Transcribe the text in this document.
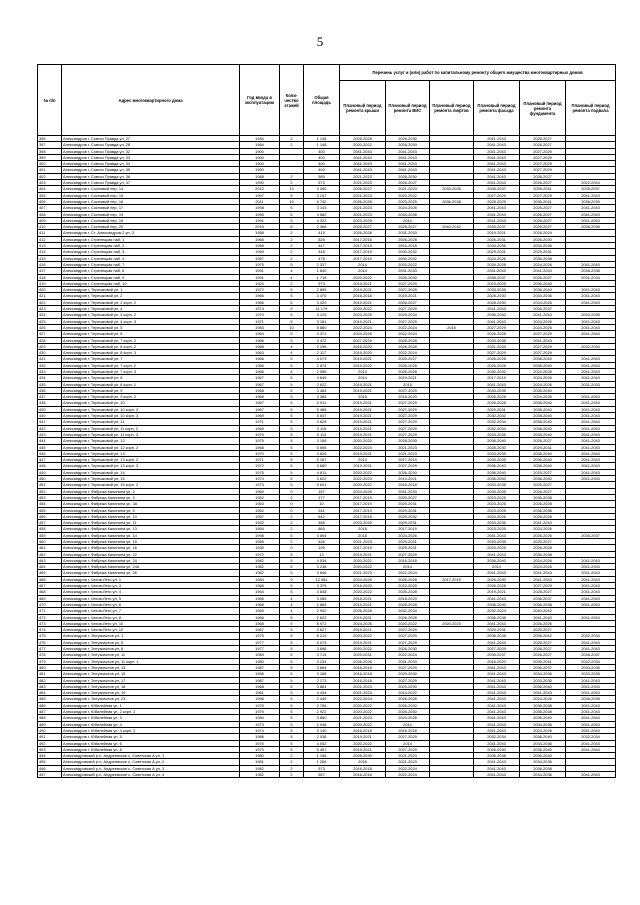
5
№ п/п	Адрес многоквартирного дома	Год ввода в эксплуатацию	Коли-чество этажей	Общая площадь	Перечень услуг и (или) работ по капитальному ремонту общего имущества многоквартирных домов					
					Плановый период ремонта крыши	Плановый период ремонта ВИС	Плановый период ремонта лифтов	Плановый период ремонта фасада	Плановый период ремонта фундамента	Плановый период ремонта подвала
396	Александров г, Совхоз Правда ул, 27	1984	2	1 148	2026-2028	2026-2030		2041-2043	2026-2027	
397	Александров г, Совхоз Правда ул, 28	1984	2	1 148	2020-2022	2026-2030		2041-2043	2026-2027	
398	Александров г, Совхоз Правда ул, 32	1900		400	2041-2043	2041-2043		2041-2043	2027-2029	
399	Александров г, Совхоз Правда ул, 33	1900		400	2041-2043	2041-2043		2041-2043	2027-2029	
400	Александров г, Совхоз Правда ул, 34	1900		400	2041-2043	2041-2043		2041-2043	2027-2029	
401	Александров г, Совхоз Правда ул, 35	1900		400	2041-2043	2041-2043		2041-2043	2027-2029	
402	Александров г, Совхоз Правда ул, 36	1988	2	585	2021-2023	2026-2030		2041-2043	2026-2027	
403	Александров г, Совхоз Правда ул, 37	1990	2	573	2021-2023	2026-2027		2041-2043	2026-2027	2022-2024
404	Александров г, Сосновый пер, 14	2012	13	3 260	2026-2027	2021-2023	2033-2035	2035-2037	2039-2041	2035-2037
405	Александров г, Сосновый пер, 15	1997	5	3 247	2021-2023	2020-2022		2027-2029	2027-2029	2041-2043
406	Александров г, Сосновый пер, 16	2011	10	6 742	2026-2028	2023-2025	2036-2038	2028-2029	2036-2041	2036-2039
407	Александров г, Сосновый пер, 17	1998	5	3 143	2021-2023	2024-2026		2041-2043	2026-2027	2041-2043
408	Александров г, Сосновый пер, 19	1995	5	4 582	2021-2023	2034-2036		2041-2043	2026-2027	2041-2043
409	Александров г, Сосновый пер, 19	1991	5	4 322	2023-2025	2014		2041-2043	2026-2027	2041-2043
410	Александров г, Сосновый пер, 20	2015	6	2 368	2026-2027	2025-2027	2040-2042	2035-2037	2025-2027	2036-2038
411	Александров г, Ст. Александров-2 ул, 3	1958	2	415	2026-2028	2031-2033		2019-2021	2026-2024	
412	Александров г, Стрелецкая наб, 1	1966	2	826	2017-2018	2026-2028		2026-2031	2026-2030	
413	Александров г, Стрелецкая наб, 2	1958	2	447	2017-2019	2016-2018		2034-2036	2034-2036	
414	Александров г, Стрелецкая наб, 3	1959	2	448	2017-2019	2030-2032		2029-2031	2029-2031	
415	Александров г, Стрелецкая наб, 4	1957	2	478	2017-2019	2030-2032		2024-2026	2036-2038	
416	Александров г, Стрелецкая наб, 7	1975	5	2 337	2014	2020-2022		2026-2028	2024-2026	2041-2043
417	Александров г, Стрелецкая наб, 8	1991	4	1 640	2014	2031-2033		2041-2043	2041-2043	2036-2038
418	Александров г, Стрелецкая наб, 9	1991	4	1 718	2020-2022	2026-2030		2038-2037	2026-2027	2031-2033
419	Александров г, Стрелецкая наб, 10	1920	2	973	2019-2021	2027-2029		2023-2025	2036-2040	
420	Александров г, Терешковой ул, 1	1972	5	2 895	2019-2021	2027-2028		2033-2035	2036-2040	2041-2043
421	Александров г, Терешковой ул, 2	1966	5	3 470	2016-2018	2019-2021		2028-2030	2034-2036	2041-2043
422	Александров г, Терешковой ул, 2 корп. 2	1966	5	3 420	2019-2021	2026-2027		2028-2030	2024-2026	2041-2043
423	Александров г, Терешковой ул, 4	1974	9	11 179	2020-2022	2027-2029		2041-2043	2035-2037	
424	Александров г, Терешковой ул, 4 корп. 2	1970	5	3 129	2023-2025	2029-2034		2036-2040	2041-2043	2033-2035
425	Александров г, Терешковой ул, 4 корп. 3	1971	5	3 181	2019-2021	2027-2029		2041-2043	2024-2026	2041-2043
426	Александров г, Терешковой ул, 5	1983	10	5 880	2022-2024	2022-2024	2015	2027-2029	2024-2026	2041-2043
427	Александров г, Терешковой ул, 6	1964	5	3 371	2024-2026	2022-2024		2026-2028	2027-2029	2041-2043
428	Александров г, Терешковой ул, 7 корп. 2	1966	5	3 472	2027-2029	2026-2028		2033-2035	2041-2043	
429	Александров г, Терешковой ул, 8 корп. 2	1968	4	2 198	2016-2020	2026-2028		2031-2033	2027-2029	2032-2034
430	Александров г, Терешковой ул, 8 корп. 3	1963	4	2 117	2019-2020	2022-2024		2027-2029	2027-2029	
431	Александров г, Терешковой ул, 7	1966	5	4 073	2019-2021	2025-2027		2026-2028	2038-2040	2041-2043
432	Александров г, Терешковой ул, 7 корп. 2	1966	5	2 874	2019-2022	2026-2028		2026-2028	2038-2040	2041-2043
433	Александров г, Терешковой ул, 7 корп. 3	1966	4	2 056	2014	2026-2028		2030-2032	2024-2026	2041-2043
434	Александров г, Терешковой ул, 8	1967	5	4 649	2014	2019-2021		2017-2019	2024-2026	2041-2043
435	Александров г, Терешковой ул, 8 корп. 1	1967	5	2 622	2019-2021	2015		2041-2043	2024-2026	2031-2033
436	Александров г, Терешковой ул, 9	1968	5	3 484	2019-2021	2027-2029		2033-2035	2035-2040	
437	Александров г, Терешковой ул, 9 корп. 2	1968	5	3 365	2015	2018-2020		2026-2028	2024-2026	2041-2043
438	Александров г, Терешковой ул, 10	1967	5	2 911	2019-2021	2027-2029		2026-2028	2038-2040	2041-2043
439	Александров г, Терешковой ул, 10 корп. 3	1967	5	5 485	2019-2021	2027-2029		2029-2031	2038-2040	2041-2043
440	Александров г, Терешковой ул, 10 корп. 3	1969	5	5 647	2019-2021	2027-2029		2030-2032	2038-2040	2041-2043
441	Александров г, Терешковой ул, 11	1971	5	3 628	2019-2021	2027-2029		2032-2034	2038-2040	2041-2043
442	Александров г, Терешковой ул, 11 корп. 2	1969	5	3 119	2019-2021	2027-2029		2032-2034	2038-2040	2041-2043
443	Александров г, Терешковой ул, 11 корп. 3	1975	5	3 113	2019-2021	2027-2029		2033-2035	2038-2040	2041-2043
444	Александров г, Терешковой ул, 12	1975	5	3 158	2020-2022	2028-2030		2036-2040	2026-2027	2041-2043
445	Александров г, Терешковой ул, 12 корп. 2	1968	5	5 698	2022-2024	2021-2023		2028-2030	2029-2031	2041-2043
446	Александров г, Терешковой ул, 13	1970	5	3 626	2019-2021	2021-2023		2033-2035	2038-2040	2041-2043
447	Александров г, Терешковой ул, 13 корп. 2	1971	5	5 187	2014	2017-2019		2033-2035	2036-2040	2041-2043
448	Александров г, Терешковой ул, 13 корп. 3	1972	5	3 680	2019-2021	2027-2029		2036-2040	2036-2040	2041-2043
449	Александров г, Терешковой ул, 14	1975	5	4 811	2020-2022	2026-2030		2036-2040	2025-2027	2041-2043
450	Александров г, Терешковой ул, 15	1974	5	3 622	2022-2024	2019-2021		2036-2040	2036-2040	2041-2043
451	Александров г, Терешковой ул, 15 корп. 2	1973	5	5 641	2020-2022	2016-2018		2033-2035	2025-2027	
452	Александров г, Фабрика Калинина ул, 2	1969	0	157	2024-2026	2031-2033		2033-2035	2026-2027	
453	Александров г, Фабрика Калинина ул, 3	1952	2	177	2017-2019	2025-2027		2023-2025	2036-2038	
454	Александров г, Фабрика Калинина ул, 3А	1953	0	10	2017-2019	2029-2031		2023-2025	2026-2028	
455	Александров г, Фабрика Калинина ул, 5	1952	0	241	2017-2019	2029-2031		2023-2025	2036-2038	
456	Александров г, Фабрика Калинина ул, 10	1957	2	642	2017-2018	2029-2032		2024-2026	2026-2028	
457	Александров г, Фабрика Калинина ул, 11	1932	2	486	2023-2025	2029-2031		2033-2035	2041-2043	
458	Александров г, Фабрика Калинина ул, 13	1954	2	865	2018	2017-2019		2023-2025	2024-2026	
459	Александров г, Фабрика Калинина ул, 14	1998	5	3 894	2018	2024-2026		2041-2043	2026-2026	2035-2037
460	Александров г, Фабрика Калинина ул, 15	1955	2	626	2021-2023	2029-2031		2033-2035	2025-2027	
461	Александров г, Фабрика Калинина ул, 16	1939	0	195	2017-2019	2029-2031		2023-2025	2026-2028	
462	Александров г, Фабрика Калинина ул, 22	1972	5	13	2019-2021	2027-2029		2041-2043	2036-2038	
463	Александров г, Фабрика Калинина ул, 24	1982	5	4 534	2020-2022	2016-2018		2036-2040	2024-2026	2041-2043
464	Александров г, Фабрика Калинина ул, 24А	1982	5	3 238	2020-2022	2014		2014	2024-2026	2041-2043
465	Александров г, Фабрика Калинина ул, 26	1982	5	3 646	2021-2023	2022-2024		2041-2043	2041-2043	2041-2043
466	Александров г, Чехов-Лето ул, 1	1984	9	12 981	2024-2026	2026-2028	2017-2019	2026-2030	2041-2043	2041-2043
467	Александров г, Чехов-Лето ул, 3	1968	5	3 379	2018-2020	2022-2025		2026-2028	2027-2029	2041-2043
468	Александров г, Чехов-Лето ул, 4	1964	5	3 848	2020-2022	2026-2028		2019-2021	2025-2027	2041-2043
469	Александров г, Чехов-Лето ул, 5	1965	4	3 085	2018-2021	2018-2020		2041-2043	2036-2037	2041-2043
470	Александров г, Чехов-Лето ул, 6	1968	4	2 884	2019-2021	2026-2028		2036-2040	2036-2038	2041-2043
471	Александров г, Чехов-Лето ул, 7	1965	4	2 902	2026-2028	2032-2034		2032-2024	2040-2042	
472	Александров г, Чехов-Лето ул, 8	1966	5	2 622	2019-2021	2026-2028		2036-2038	2041-2043	2041-2043
473	Александров г, Чехов-Лето ул, 10	1968	9	8 972	2024-2026	2020-2022	2020-2023	2041-2043	2026-2026	
474	Александров г, Чехов-Лето ул, 12	1967	5	3 627	2019-2021	2027-2029		2029-2031	2025-2027	
475	Александров г, Энтузиастов ул, 1	1975	5	8 219	2020-2022	2027-2029		2036-2038	2036-2042	2032-2034
476	Александров г, Энтузиастов ул, 6	1977	5	6 073	2019-2021	2027-2029		2041-2043	2026-2027	2041-2043
477	Александров г, Энтузиастов ул, 8	1977	5	3 698	2020-2022	2026-2030		2027-2029	2026-2027	2041-2043
478	Александров г, Энтузиастов ул, 11	1984	5	3 714	2029-2031	2022-2024		2035-2037	2026-2027	2036-2037
479	Александров г, Энтузиастов ул, 11 корп. 1	1980	5	3 234	2026-2026	2031-2033		2016-2020	2039-2041	2032-2034
480	Александров г, Энтузиастов ул, 13	1987	5	3 664	2016-2018	2027-2029		2041-2043	2036-2037	2033-2035
481	Александров г, Энтузиастов ул, 15	1958	5	3 188	2016-2018	2029-2030		2041-2043	2034-2036	2033-2035
482	Александров г, Энтузиастов ул, 17	1987	5	2 173	2016-2018	2027-2029		2041-2043	2033-2035	2041-2043
483	Александров г, Энтузиастов ул, 18	1968	5	3 864	2021-2023	2029-2030		2041-2043	2036-2040	2041-2043
484	Александров г, Энтузиастов ул, 19	1961	5	4 444	2021-2023	2014-2022		2041-2043	2041-2043	2041-2043
485	Александров г, Энтузиастов ул, 23	1996	5	2 449	2022-2024	2026-2028		2041-2043	2024-2026	2036-2038
486	Александров г, Юбилейная ул, 1	1975	5	2 756	2020-2022	2026-2030		2041-2043	2036-2038	2041-2043
487	Александров г, Юбилейная ул, 2 корп. 2	1975	5	2 922	2020-2022	2026-2030		2041-2043	2036-2038	2041-2043
488	Александров г, Юбилейная ул, 3	1984	5	3 860	2021-2023	2024-2026		2041-2043	2036-2040	2041-2043
489	Александров г, Юбилейная ул, 4	1973	5	2 948	2020-2022	2014		2041-2043	2034-2036	2041-2043
490	Александров г, Юбилейная ул, 4 корп. 2	1974	5	3 140	2016-2018	2016-2018		2041-2043	2024-2026	2041-2043
491	Александров г, Юбилейная ул, 5	1986	5	2 038	2019-2021	2027-2029		2032-2034	2036-2040	2032-2034
492	Александров г, Юбилейная ул, 6	1976	5	4 052	2020-2022	2014		2041-2043	2034-2036	2041-2043
493	Александров г, Юбилейная ул, 8	1973	5	5 467	2019-2021	2027-2029		2026-2030	2036-2040	2041-2043
494	Александровский р-н, Андреевское с, Советская А ул, 1	1980	2	1 158	2026-2030	2021-2023		2036-2038	2036-2040	
495	Александровский р-н, Андреевское с, Советская А ул, 2	1981	2	1 266	2018	2021-2023		2041-2043	2034-2036	
496	Александровский р-н, Андреевское с, Советская А ул, 3	1982	2	573	2016-2018	2022-2024		2041-2043	2036-2038	
497	Александровский р-н, Андреевское с, Советская А ул, 4	1982	2	567	2016-2018	2022-2024		2041-2043	2034-2036	2041-2043
